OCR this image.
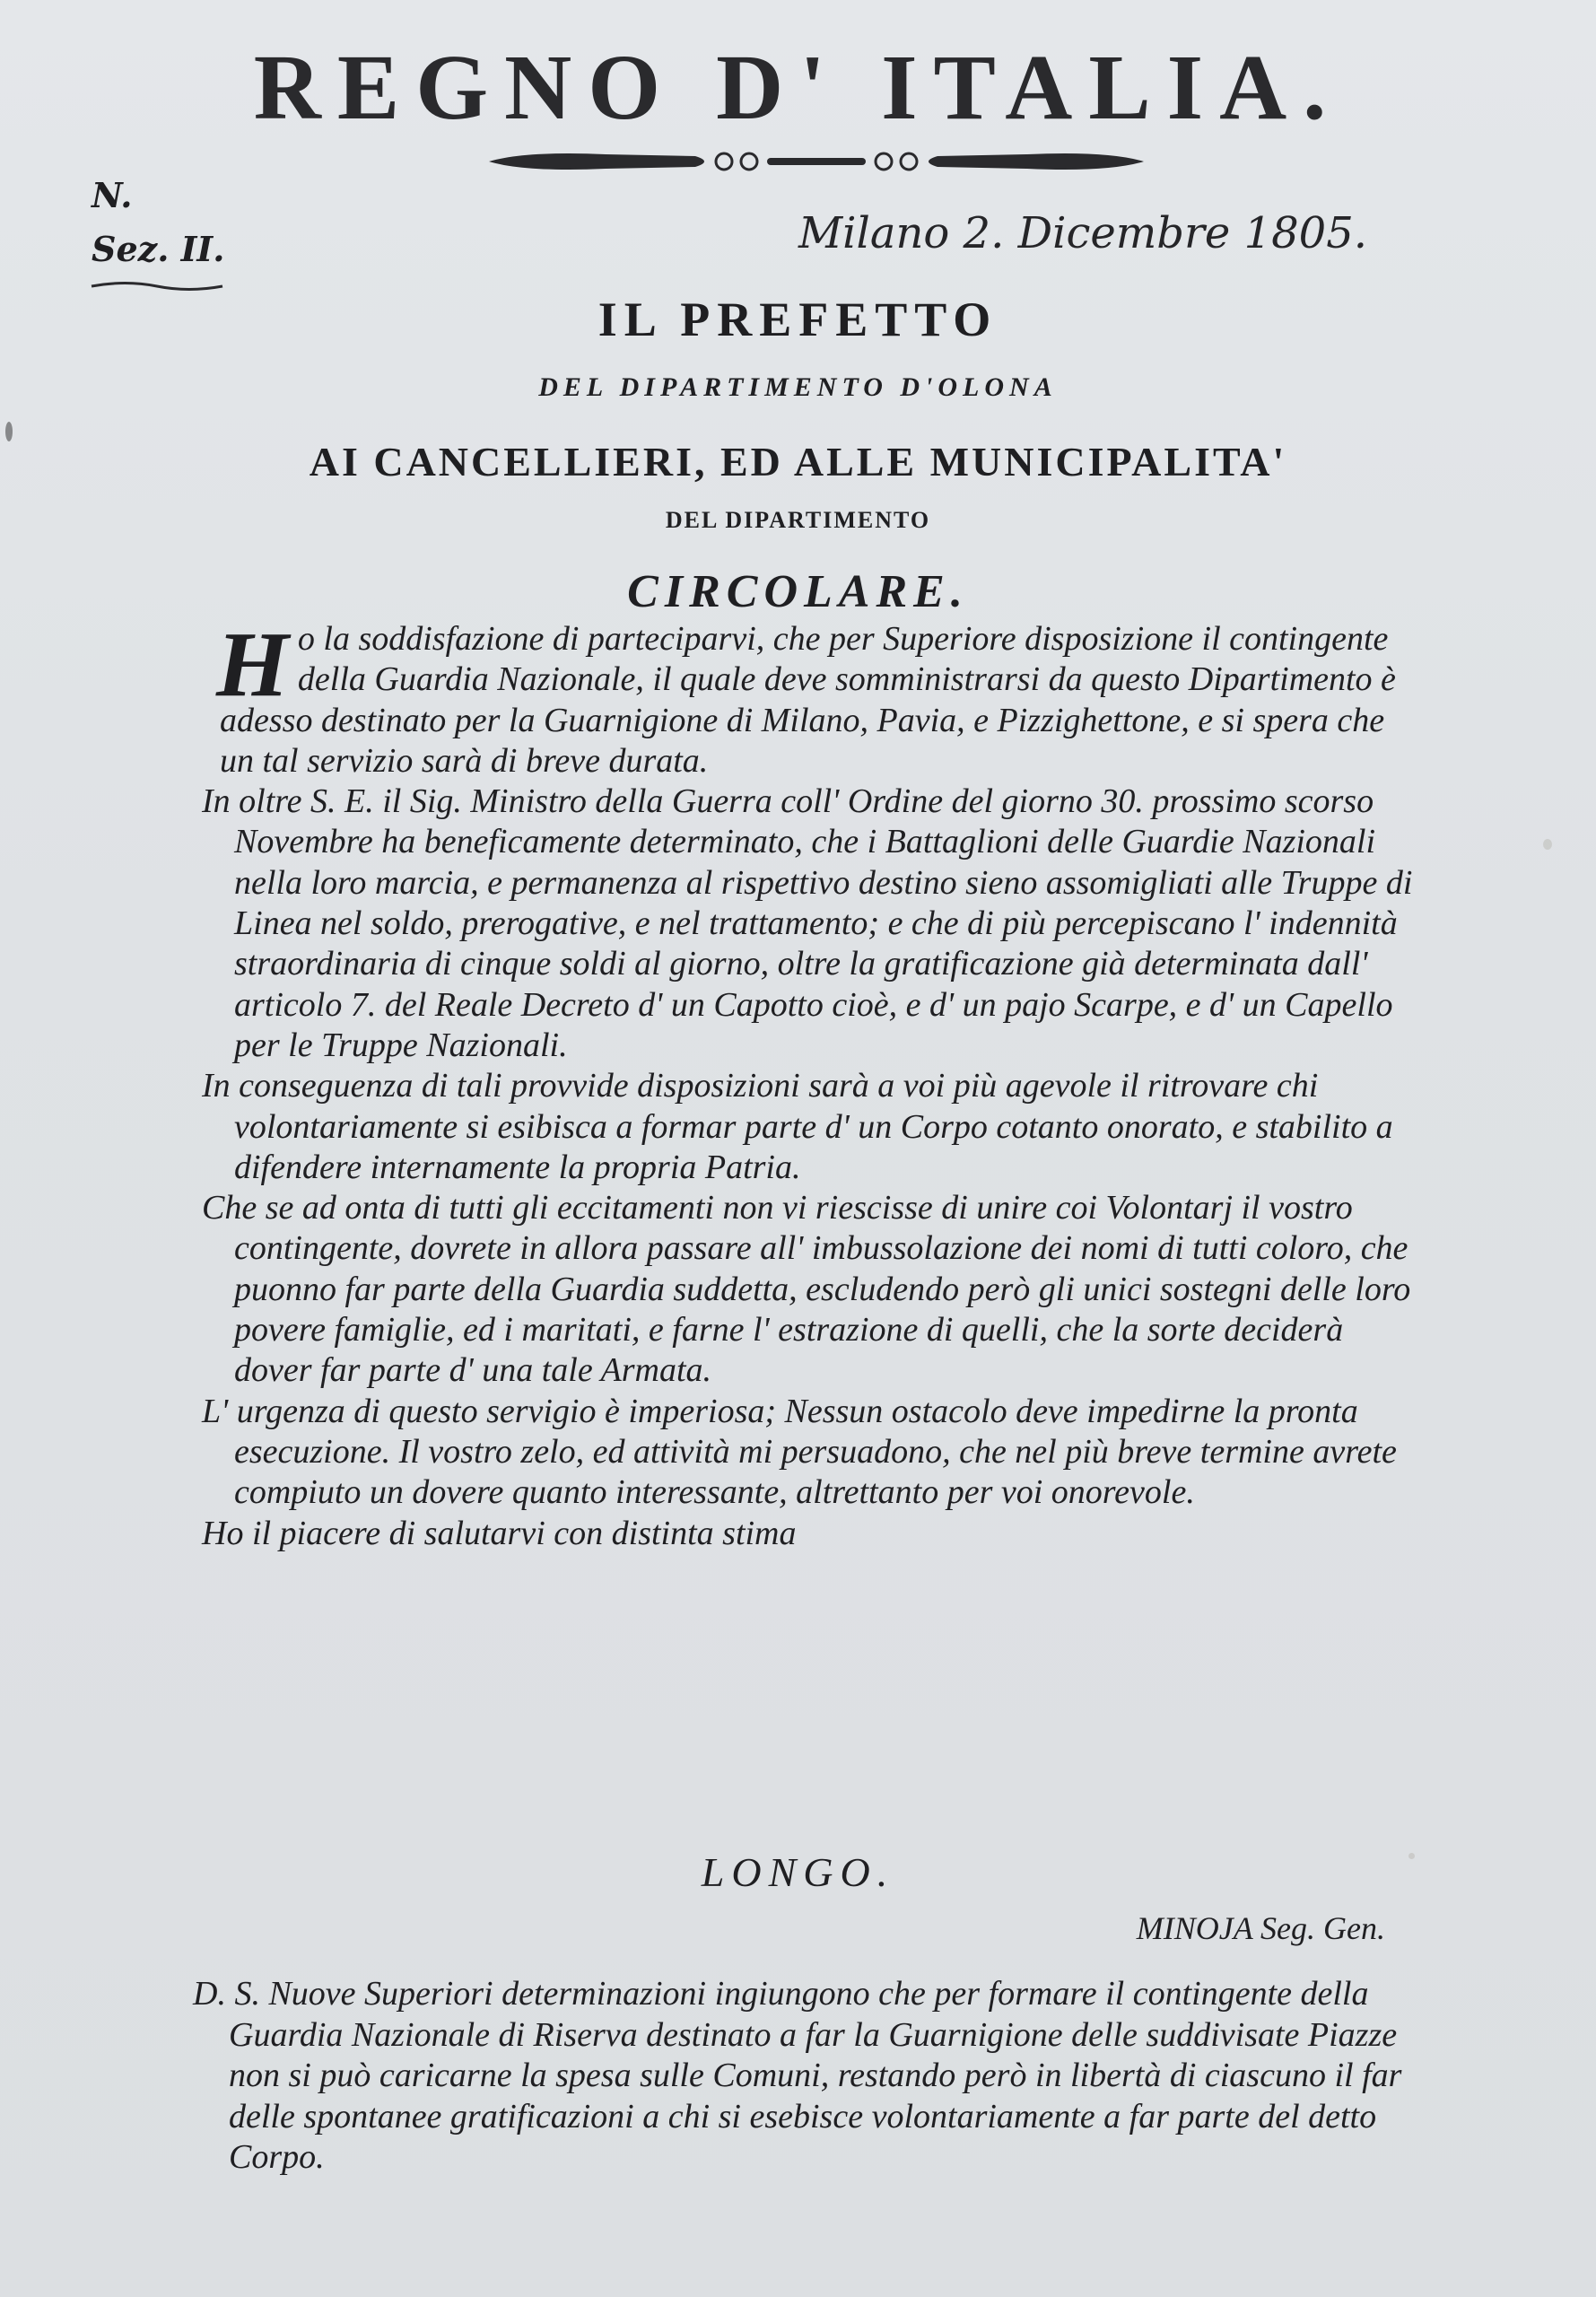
REGNO D' ITALIA.
N.
Sez. II.	Milano 2. Dicembre 1805.
IL PREFETTO
DEL DIPARTIMENTO D'OLONA
AI CANCELLIERI, ED ALLE MUNICIPALITA'
DEL DIPARTIMENTO
CIRCOLARE.

Ho la soddisfazione di parteciparvi, che per Superiore disposizione il contingente della Guardia Nazionale, il quale deve somministrarsi da questo Dipartimento è adesso destinato per la Guarnigione di Milano, Pavia, e Pizzighettone, e si spera che un tal servizio sarà di breve durata.

In oltre S. E. il Sig. Ministro della Guerra coll' Ordine del giorno 30. prossimo scorso Novembre ha beneficamente determinato, che i Battaglioni delle Guardie Nazionali nella loro marcia, e permanenza al rispettivo destino sieno assomigliati alle Truppe di Linea nel soldo, prerogative, e nel trattamento; e che di più percepiscano l' indennità straordinaria di cinque soldi al giorno, oltre la gratificazione già determinata dall' articolo 7. del Reale Decreto d' un Capotto cioè, e d' un pajo Scarpe, e d' un Capello per le Truppe Nazionali.

In conseguenza di tali provvide disposizioni sarà a voi più agevole il ritrovare chi volontariamente si esibisca a formar parte d' un Corpo cotanto onorato, e stabilito a difendere internamente la propria Patria.

Che se ad onta di tutti gli eccitamenti non vi riescisse di unire coi Volontarj il vostro contingente, dovrete in allora passare all' imbussolazione dei nomi di tutti coloro, che puonno far parte della Guardia suddetta, escludendo però gli unici sostegni delle loro povere famiglie, ed i maritati, e farne l' estrazione di quelli, che la sorte deciderà dover far parte d' una tale Armata.

L' urgenza di questo servigio è imperiosa; Nessun ostacolo deve impedirne la pronta esecuzione. Il vostro zelo, ed attività mi persuadono, che nel più breve termine avrete compiuto un dovere quanto interessante, altrettanto per voi onorevole.

Ho il piacere di salutarvi con distinta stima

LONGO.
MINOJA Seg. Gen.

D. S. Nuove Superiori determinazioni ingiungono che per formare il contingente della Guardia Nazionale di Riserva destinato a far la Guarnigione delle suddivisate Piazze non si può caricarne la spesa sulle Comuni, restando però in libertà di ciascuno il far delle spontanee gratificazioni a chi si esebisce volontariamente a far parte del detto Corpo.
